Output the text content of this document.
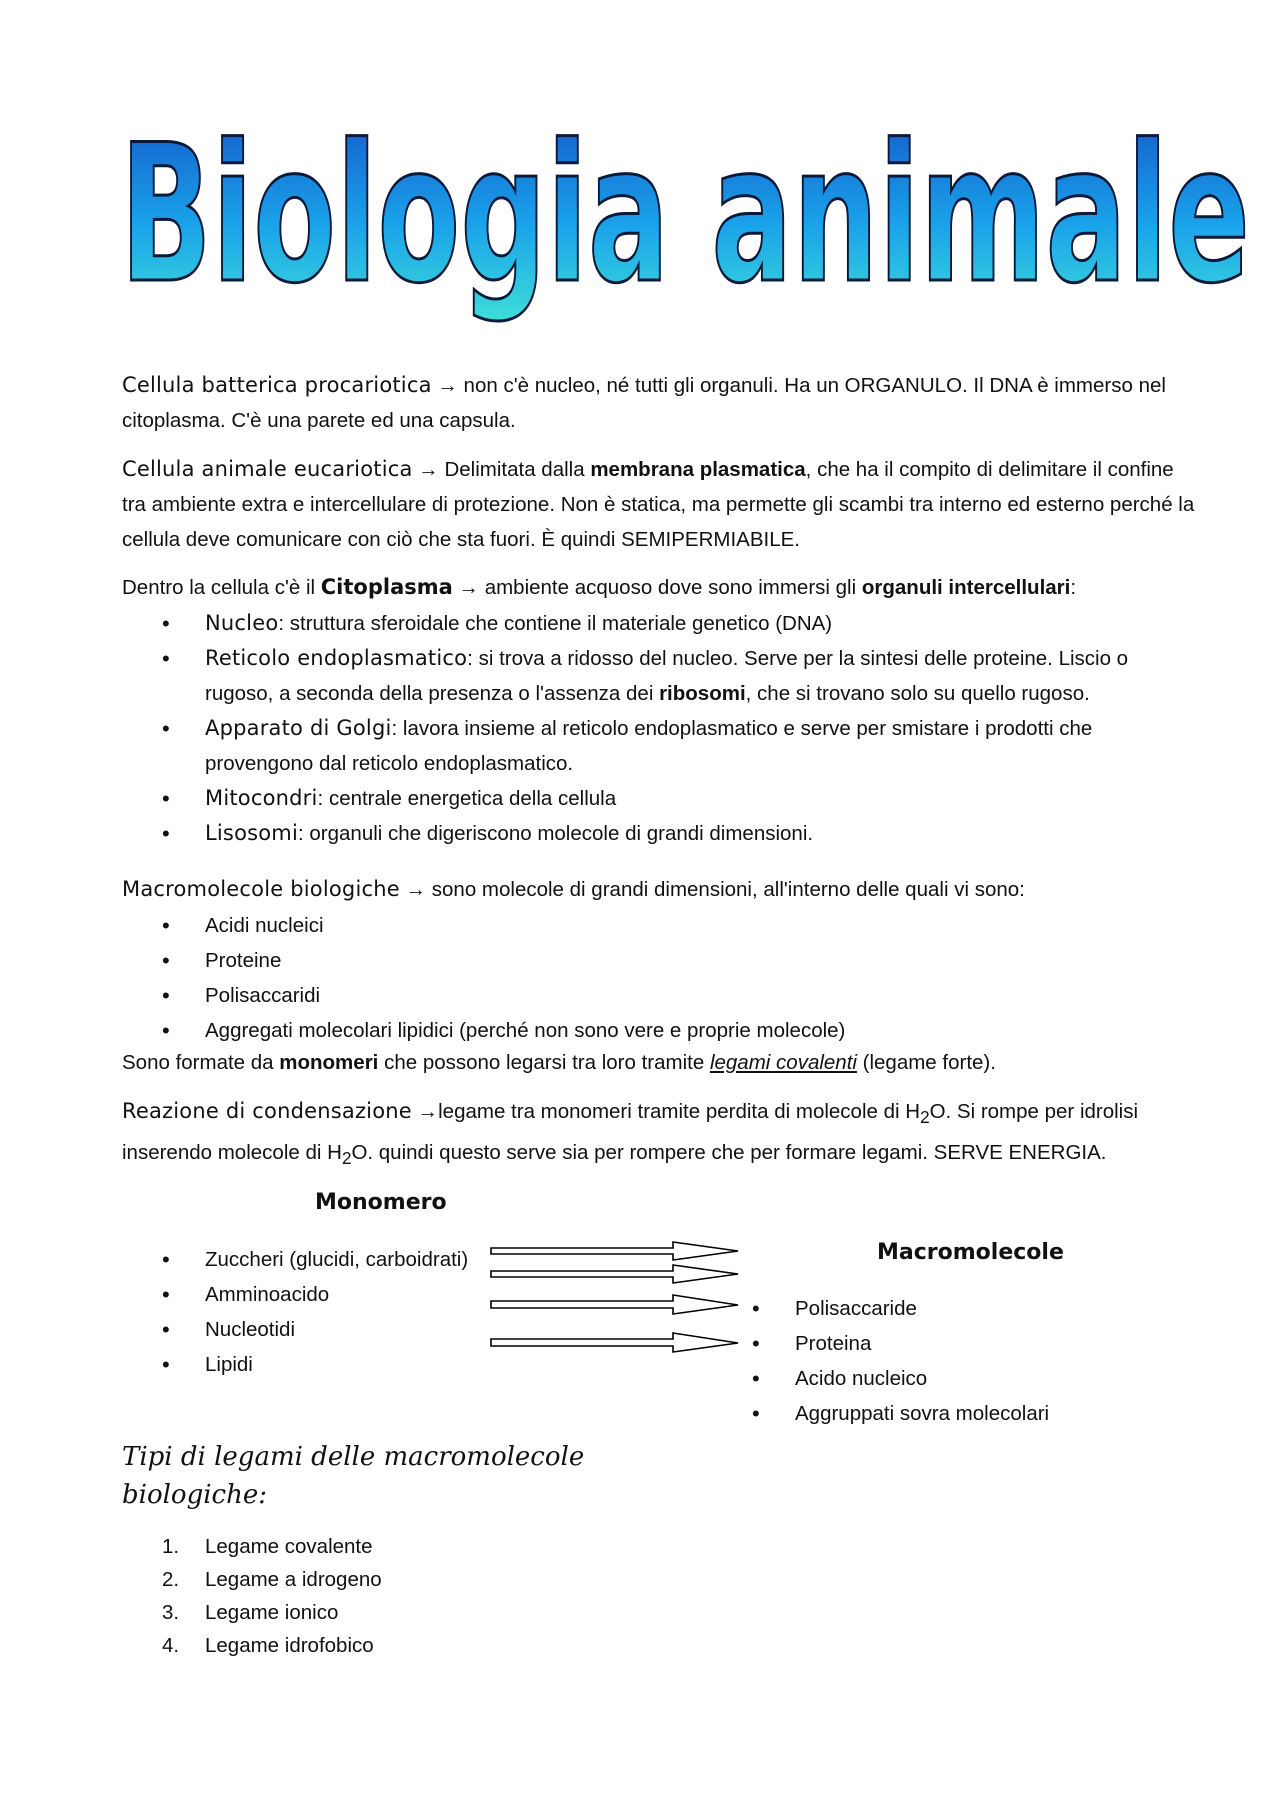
Biologia animale
Cellula batterica procariotica → non c'è nucleo, né tutti gli organuli. Ha un ORGANULO. Il DNA è immerso nel citoplasma. C'è una parete ed una capsula.
Cellula animale eucariotica → Delimitata dalla membrana plasmatica, che ha il compito di delimitare il confine tra ambiente extra e intercellulare di protezione. Non è statica, ma permette gli scambi tra interno ed esterno perché la cellula deve comunicare con ciò che sta fuori. È quindi SEMIPERMIABILE.
Dentro la cellula c'è il Citoplasma → ambiente acquoso dove sono immersi gli organuli intercellulari:
• Nucleo: struttura sferoidale che contiene il materiale genetico (DNA)
• Reticolo endoplasmatico: si trova a ridosso del nucleo. Serve per la sintesi delle proteine. Liscio o rugoso, a seconda della presenza o l'assenza dei ribosomi, che si trovano solo su quello rugoso.
• Apparato di Golgi: lavora insieme al reticolo endoplasmatico e serve per smistare i prodotti che provengono dal reticolo endoplasmatico.
• Mitocondri: centrale energetica della cellula
• Lisosomi: organuli che digeriscono molecole di grandi dimensioni.
Macromolecole biologiche → sono molecole di grandi dimensioni, all'interno delle quali vi sono:
• Acidi nucleici
• Proteine
• Polisaccaridi
• Aggregati molecolari lipidici (perché non sono vere e proprie molecole)
Sono formate da monomeri che possono legarsi tra loro tramite legami covalenti (legame forte).
Reazione di condensazione →legame tra monomeri tramite perdita di molecole di $H_2O$. Si rompe per idrolisi inserendo molecole di $H_2O$. quindi questo serve sia per rompere che per formare legami. SERVE ENERGIA.
Monomero
• Zuccheri (glucidi, carboidrati)
• Amminoacido
• Nucleotidi
• Lipidi
Macromolecole
• Polisaccaride
• Proteina
• Acido nucleico
• Aggruppati sovra molecolari
Tipi di legami delle macromolecole
biologiche:
1. Legame covalente
2. Legame a idrogeno
3. Legame ionico
4. Legame idrofobico
